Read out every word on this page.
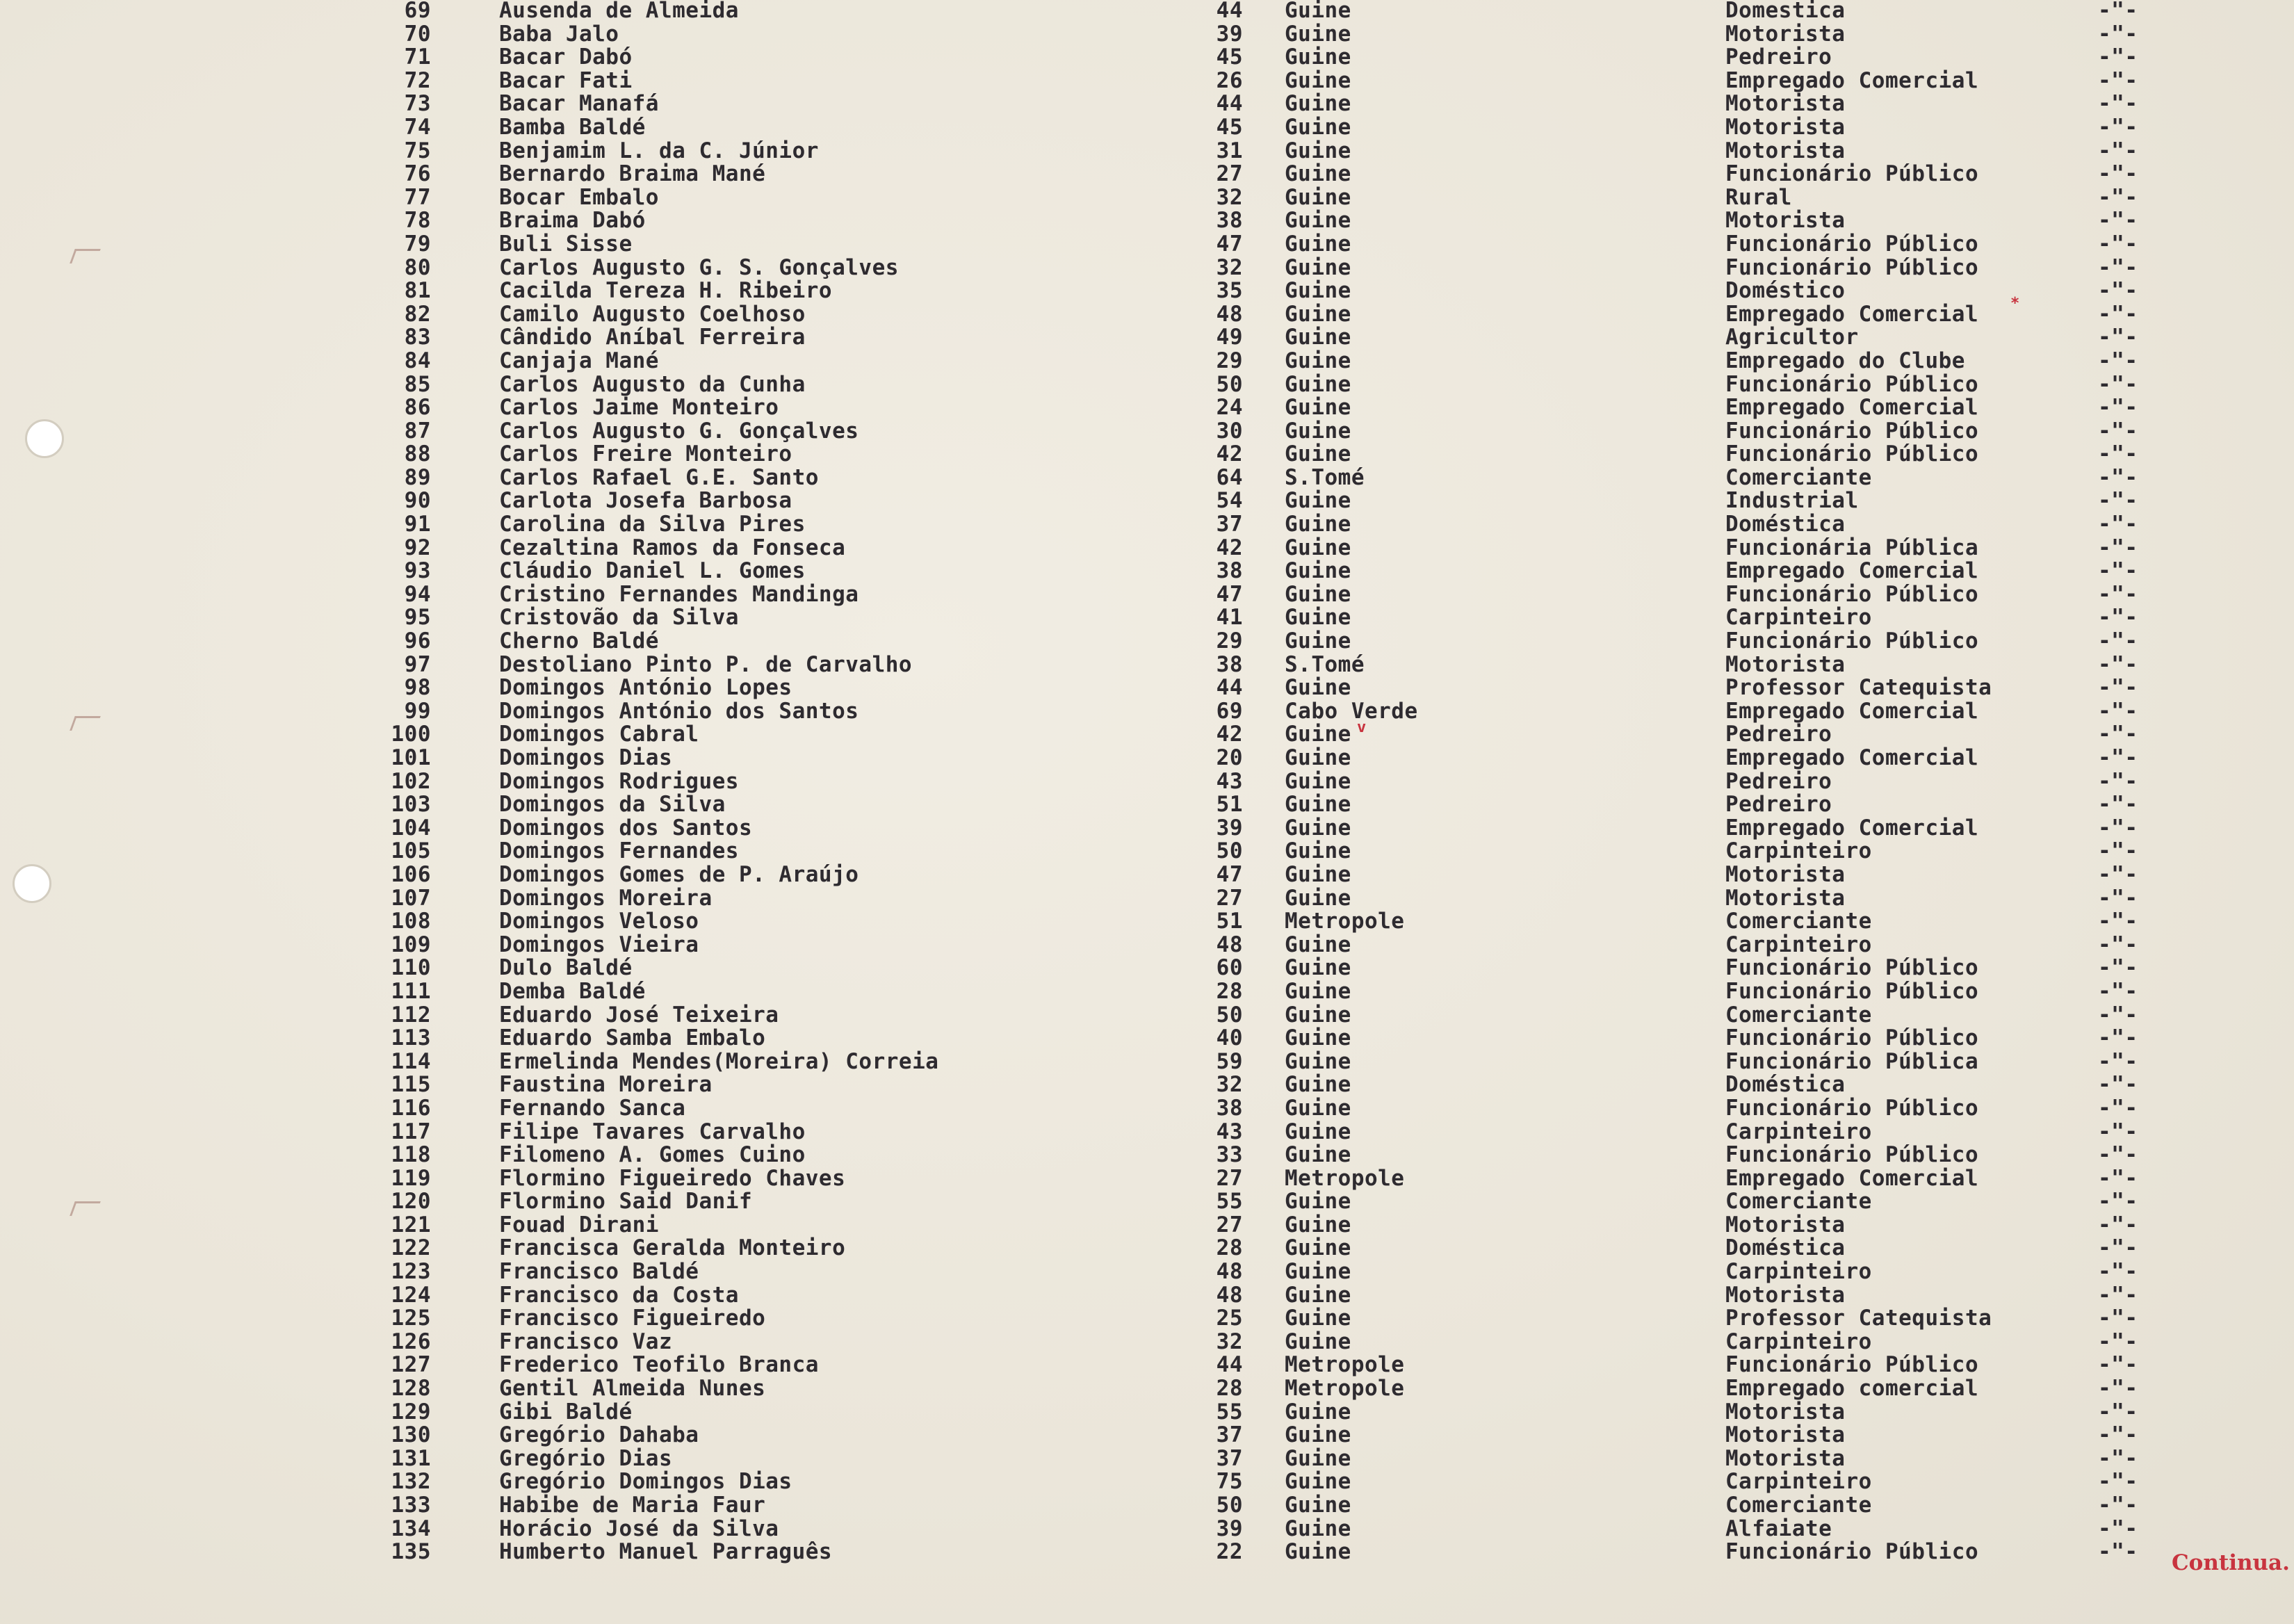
69	Ausenda de Almeida	44 Guine	Domestica	-"-
70	Baba Jalo	39 Guine	Motorista	-"-
71	Bacar Dabó	45 Guine	Pedreiro	-"-
72	Bacar Fati	26 Guine	Empregado Comercial	-"-
73	Bacar Manafá	44 Guine	Motorista	-"-
74	Bamba Baldé	45 Guine	Motorista	-"-
75	Benjamim L. da C. Júnior	31 Guine	Motorista	-"-
76	Bernardo Braima Mané	27 Guine	Funcionário Público	-"-
77	Bocar Embalo	32 Guine	Rural	-"-
78	Braima Dabó	38 Guine	Motorista	-"-
79	Buli Sisse	47 Guine	Funcionário Público	-"-
80	Carlos Augusto G. S. Gonçalves	32 Guine	Funcionário Público	-"-
81	Cacilda Tereza H. Ribeiro	35 Guine	Doméstico	-"-
82	Camilo Augusto Coelhoso	48 Guine	Empregado Comercial	-"-
83	Cândido Aníbal Ferreira	49 Guine	Agricultor	-"-
84	Canjaja Mané	29 Guine	Empregado do Clube	-"-
85	Carlos Augusto da Cunha	50 Guine	Funcionário Público	-"-
86	Carlos Jaime Monteiro	24 Guine	Empregado Comercial	-"-
87	Carlos Augusto G. Gonçalves	30 Guine	Funcionário Público	-"-
88	Carlos Freire Monteiro	42 Guine	Funcionário Público	-"-
89	Carlos Rafael G.E. Santo	64 S.Tomé	Comerciante	-"-
90	Carlota Josefa Barbosa	54 Guine	Industrial	-"-
91	Carolina da Silva Pires	37 Guine	Doméstica	-"-
92	Cezaltina Ramos da Fonseca	42 Guine	Funcionária Pública	-"-
93	Cláudio Daniel L. Gomes	38 Guine	Empregado Comercial	-"-
94	Cristino Fernandes Mandinga	47 Guine	Funcionário Público	-"-
95	Cristovão da Silva	41 Guine	Carpinteiro	-"-
96	Cherno Baldé	29 Guine	Funcionário Público	-"-
97	Destoliano Pinto P. de Carvalho	38 S.Tomé	Motorista	-"-
98	Domingos António Lopes	44 Guine	Professor Catequista	-"-
99	Domingos António dos Santos	69 Cabo Verde	Empregado Comercial	-"-
100	Domingos Cabral	42 Guine	Pedreiro	-"-
101	Domingos Dias	20 Guine	Empregado Comercial	-"-
102	Domingos Rodrigues	43 Guine	Pedreiro	-"-
103	Domingos da Silva	51 Guine	Pedreiro	-"-
104	Domingos dos Santos	39 Guine	Empregado Comercial	-"-
105	Domingos Fernandes	50 Guine	Carpinteiro	-"-
106	Domingos Gomes de P. Araújo	47 Guine	Motorista	-"-
107	Domingos Moreira	27 Guine	Motorista	-"-
108	Domingos Veloso	51 Metropole	Comerciante	-"-
109	Domingos Vieira	48 Guine	Carpinteiro	-"-
110	Dulo Baldé	60 Guine	Funcionário Público	-"-
111	Demba Baldé	28 Guine	Funcionário Público	-"-
112	Eduardo José Teixeira	50 Guine	Comerciante	-"-
113	Eduardo Samba Embalo	40 Guine	Funcionário Público	-"-
114	Ermelinda Mendes(Moreira) Correia	59 Guine	Funcionário Pública	-"-
115	Faustina Moreira	32 Guine	Doméstica	-"-
116	Fernando Sanca	38 Guine	Funcionário Público	-"-
117	Filipe Tavares Carvalho	43 Guine	Carpinteiro	-"-
118	Filomeno A. Gomes Cuino	33 Guine	Funcionário Público	-"-
119	Flormino Figueiredo Chaves	27 Metropole	Empregado Comercial	-"-
120	Flormino Said Danif	55 Guine	Comerciante	-"-
121	Fouad Dirani	27 Guine	Motorista	-"-
122	Francisca Geralda Monteiro	28 Guine	Doméstica	-"-
123	Francisco Baldé	48 Guine	Carpinteiro	-"-
124	Francisco da Costa	48 Guine	Motorista	-"-
125	Francisco Figueiredo	25 Guine	Professor Catequista	-"-
126	Francisco Vaz	32 Guine	Carpinteiro	-"-
127	Frederico Teofilo Branca	44 Metropole	Funcionário Público	-"-
128	Gentil Almeida Nunes	28 Metropole	Empregado comercial	-"-
129	Gibi Baldé	55 Guine	Motorista	-"-
130	Gregório Dahaba	37 Guine	Motorista	-"-
131	Gregório Dias	37 Guine	Motorista	-"-
132	Gregório Domingos Dias	75 Guine	Carpinteiro	-"-
133	Habibe de Maria Faur	50 Guine	Comerciante	-"-
134	Horácio José da Silva	39 Guine	Alfaiate	-"-
135	Humberto Manuel Parraguês	22 Guine	Funcionário Público	-"-
*
v
Continua.
